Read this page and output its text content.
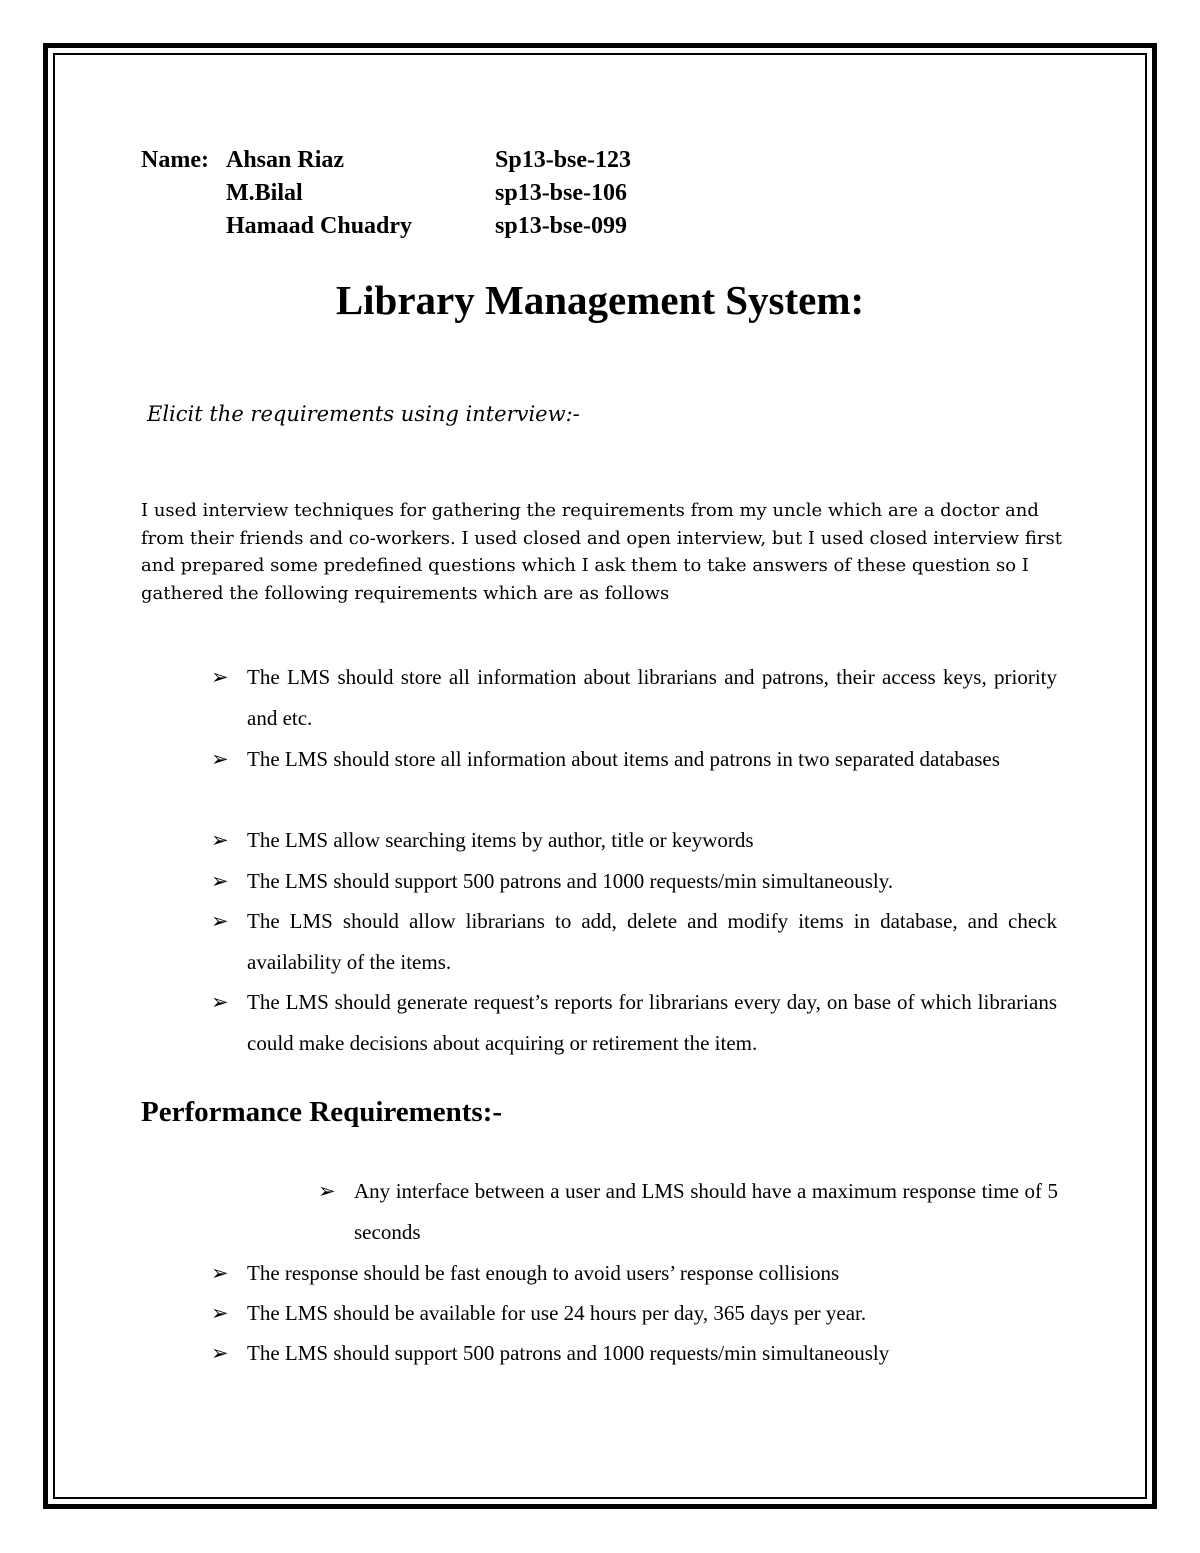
Name: Ahsan Riaz	Sp13-bse-123
M.Bilal	sp13-bse-106
Hamaad Chuadry	sp13-bse-099
Library Management System:
Elicit the requirements using interview:-
I used interview techniques for gathering the requirements from my uncle which are a doctor and from their friends and co-workers. I used closed and open interview, but I used closed interview first and prepared some predefined questions which I ask them to take answers of these question so I gathered the following requirements which are as follows
➢ The LMS should store all information about librarians and patrons, their access keys, priority and etc.
➢ The LMS should store all information about items and patrons in two separated databases
➢ The LMS allow searching items by author, title or keywords
➢ The LMS should support 500 patrons and 1000 requests/min simultaneously.
➢ The LMS should allow librarians to add, delete and modify items in database, and check availability of the items.
➢ The LMS should generate request’s reports for librarians every day, on base of which librarians could make decisions about acquiring or retirement the item.
Performance Requirements:-
➢ Any interface between a user and LMS should have a maximum response time of 5 seconds
➢ The response should be fast enough to avoid users’ response collisions
➢ The LMS should be available for use 24 hours per day, 365 days per year.
➢ The LMS should support 500 patrons and 1000 requests/min simultaneously
